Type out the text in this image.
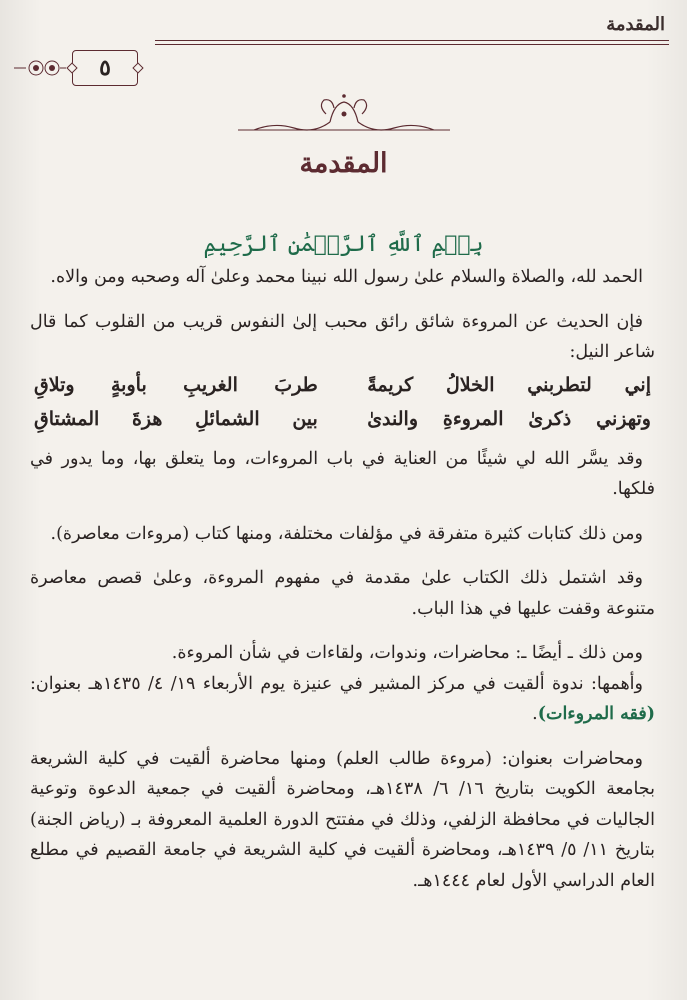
المقدمة
٥
المقدمة
بِسۡمِ ٱللَّهِ ٱلرَّحۡمَٰنِ ٱلرَّحِيمِ

الحمد لله، والصلاة والسلام علىٰ رسول الله نبينا محمد وعلىٰ آله وصحبه ومن والاه.

فإن الحديث عن المروءة شائق رائق محبب إلىٰ النفوس قريب من القلوب كما قال شاعر النيل:

إني لتطربني الخلالُ كريمةً
طربَ الغريبِ بأوبةٍ وتلاقِ
وتهزني ذكرىٰ المروءةِ والندىٰ
بين الشمائلِ هزةَ المشتاقِ

وقد يسَّر الله لي شيئًا من العناية في باب المروءات، وما يتعلق بها، وما يدور في فلكها.

ومن ذلك كتابات كثيرة متفرقة في مؤلفات مختلفة، ومنها كتاب (مروءات معاصرة).

وقد اشتمل ذلك الكتاب علىٰ مقدمة في مفهوم المروءة، وعلىٰ قصص معاصرة متنوعة وقفت عليها في هذا الباب.

ومن ذلك ـ أيضًا ـ: محاضرات، وندوات، ولقاءات في شأن المروءة.

وأهمها: ندوة ألقيت في مركز المشير في عنيزة يوم الأربعاء ١٩/ ٤/ ١٤٣٥هـ بعنوان: (فقه المروءات).

ومحاضرات بعنوان: (مروءة طالب العلم) ومنها محاضرة ألقيت في كلية الشريعة بجامعة الكويت بتاريخ ١٦/ ٦/ ١٤٣٨هـ، ومحاضرة ألقيت في جمعية الدعوة وتوعية الجاليات في محافظة الزلفي، وذلك في مفتتح الدورة العلمية المعروفة بـ (رياض الجنة) بتاريخ ١١/ ٥/ ١٤٣٩هـ، ومحاضرة ألقيت في كلية الشريعة في جامعة القصيم في مطلع العام الدراسي الأول لعام ١٤٤٤هـ.
